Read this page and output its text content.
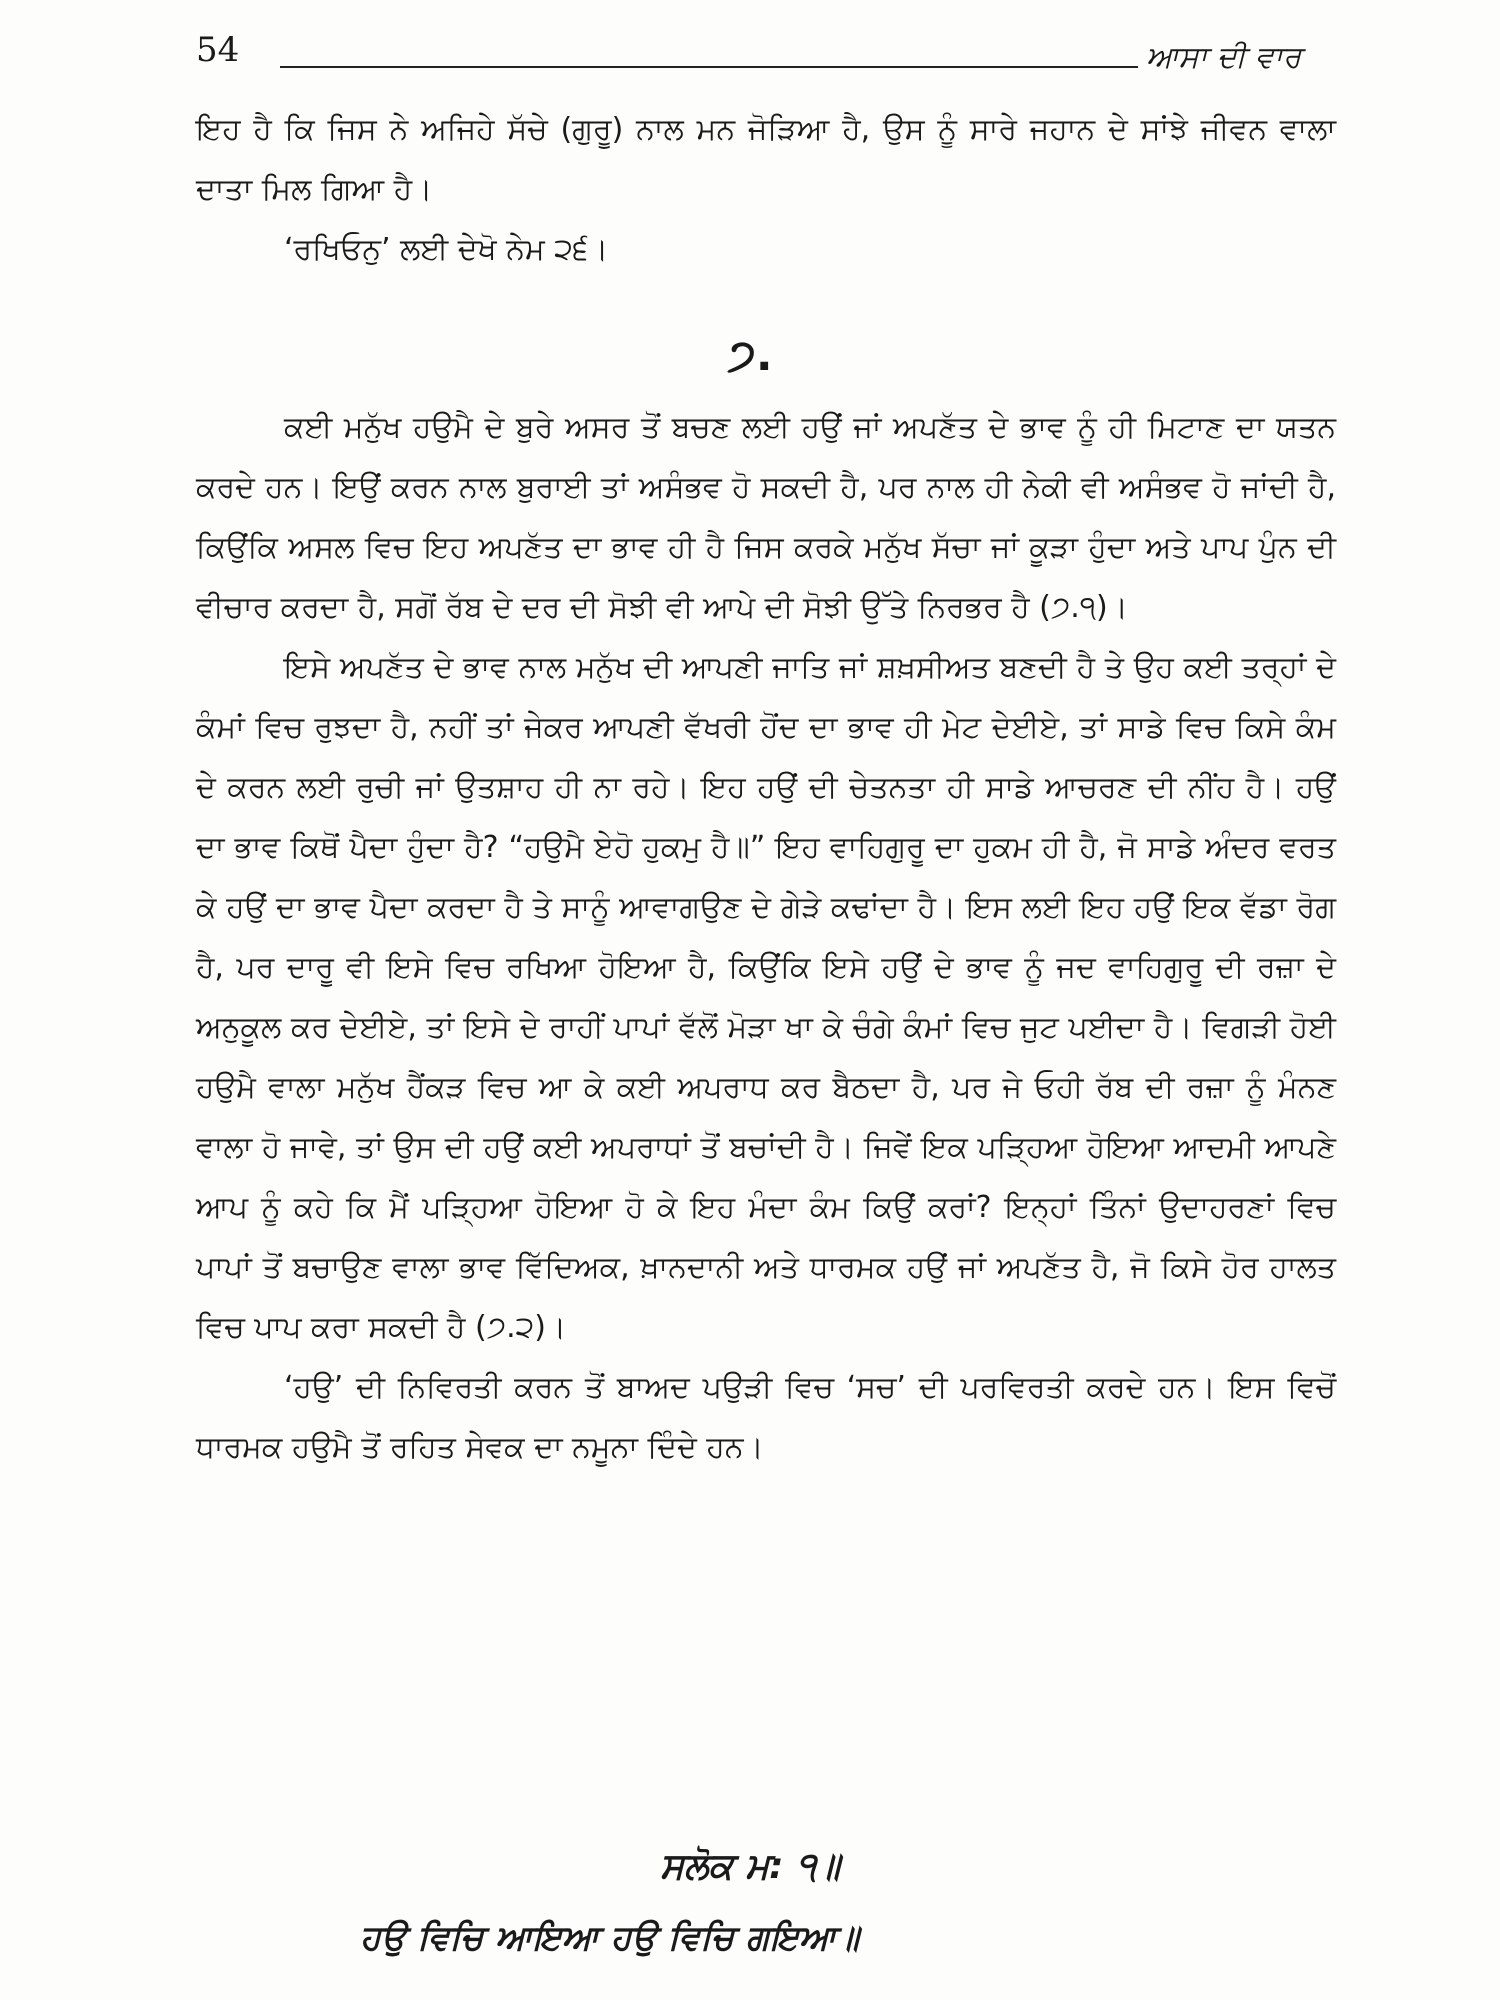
54	ਆਸਾ ਦੀ ਵਾਰ

ਇਹ ਹੈ ਕਿ ਜਿਸ ਨੇ ਅਜਿਹੇ ਸੱਚੇ (ਗੁਰੂ) ਨਾਲ ਮਨ ਜੋੜਿਆ ਹੈ, ਉਸ ਨੂੰ ਸਾਰੇ ਜਹਾਨ ਦੇ ਸਾਂਝੇ ਜੀਵਨ ਵਾਲਾ ਦਾਤਾ ਮਿਲ ਗਿਆ ਹੈ।

‘ਰਖਿਓਨੁ’ ਲਈ ਦੇਖੋ ਨੇਮ ੨੬।

੭.

ਕਈ ਮਨੁੱਖ ਹਉਮੈ ਦੇ ਬੁਰੇ ਅਸਰ ਤੋਂ ਬਚਣ ਲਈ ਹਉਂ ਜਾਂ ਅਪਣੱਤ ਦੇ ਭਾਵ ਨੂੰ ਹੀ ਮਿਟਾਣ ਦਾ ਯਤਨ ਕਰਦੇ ਹਨ। ਇਉਂ ਕਰਨ ਨਾਲ ਬੁਰਾਈ ਤਾਂ ਅਸੰਭਵ ਹੋ ਸਕਦੀ ਹੈ, ਪਰ ਨਾਲ ਹੀ ਨੇਕੀ ਵੀ ਅਸੰਭਵ ਹੋ ਜਾਂਦੀ ਹੈ, ਕਿਉਂਕਿ ਅਸਲ ਵਿਚ ਇਹ ਅਪਣੱਤ ਦਾ ਭਾਵ ਹੀ ਹੈ ਜਿਸ ਕਰਕੇ ਮਨੁੱਖ ਸੱਚਾ ਜਾਂ ਕੂੜਾ ਹੁੰਦਾ ਅਤੇ ਪਾਪ ਪੁੰਨ ਦੀ ਵੀਚਾਰ ਕਰਦਾ ਹੈ, ਸਗੋਂ ਰੱਬ ਦੇ ਦਰ ਦੀ ਸੋਝੀ ਵੀ ਆਪੇ ਦੀ ਸੋਝੀ ਉੱਤੇ ਨਿਰਭਰ ਹੈ (੭.੧)।

ਇਸੇ ਅਪਣੱਤ ਦੇ ਭਾਵ ਨਾਲ ਮਨੁੱਖ ਦੀ ਆਪਣੀ ਜਾਤਿ ਜਾਂ ਸ਼ਖ਼ਸੀਅਤ ਬਣਦੀ ਹੈ ਤੇ ਉਹ ਕਈ ਤਰ੍ਹਾਂ ਦੇ ਕੰਮਾਂ ਵਿਚ ਰੁਝਦਾ ਹੈ, ਨਹੀਂ ਤਾਂ ਜੇਕਰ ਆਪਣੀ ਵੱਖਰੀ ਹੋਂਦ ਦਾ ਭਾਵ ਹੀ ਮੇਟ ਦੇਈਏ, ਤਾਂ ਸਾਡੇ ਵਿਚ ਕਿਸੇ ਕੰਮ ਦੇ ਕਰਨ ਲਈ ਰੁਚੀ ਜਾਂ ਉਤਸ਼ਾਹ ਹੀ ਨਾ ਰਹੇ। ਇਹ ਹਉਂ ਦੀ ਚੇਤਨਤਾ ਹੀ ਸਾਡੇ ਆਚਰਣ ਦੀ ਨੀਂਹ ਹੈ। ਹਉਂ ਦਾ ਭਾਵ ਕਿਥੋਂ ਪੈਦਾ ਹੁੰਦਾ ਹੈ? “ਹਉਮੈ ਏਹੋ ਹੁਕਮੁ ਹੈ॥” ਇਹ ਵਾਹਿਗੁਰੂ ਦਾ ਹੁਕਮ ਹੀ ਹੈ, ਜੋ ਸਾਡੇ ਅੰਦਰ ਵਰਤ ਕੇ ਹਉਂ ਦਾ ਭਾਵ ਪੈਦਾ ਕਰਦਾ ਹੈ ਤੇ ਸਾਨੂੰ ਆਵਾਗਉਣ ਦੇ ਗੇੜੇ ਕਢਾਂਦਾ ਹੈ। ਇਸ ਲਈ ਇਹ ਹਉਂ ਇਕ ਵੱਡਾ ਰੋਗ ਹੈ, ਪਰ ਦਾਰੂ ਵੀ ਇਸੇ ਵਿਚ ਰਖਿਆ ਹੋਇਆ ਹੈ, ਕਿਉਂਕਿ ਇਸੇ ਹਉਂ ਦੇ ਭਾਵ ਨੂੰ ਜਦ ਵਾਹਿਗੁਰੂ ਦੀ ਰਜ਼ਾ ਦੇ ਅਨੁਕੂਲ ਕਰ ਦੇਈਏ, ਤਾਂ ਇਸੇ ਦੇ ਰਾਹੀਂ ਪਾਪਾਂ ਵੱਲੋਂ ਮੋੜਾ ਖਾ ਕੇ ਚੰਗੇ ਕੰਮਾਂ ਵਿਚ ਜੁਟ ਪਈਦਾ ਹੈ। ਵਿਗੜੀ ਹੋਈ ਹਉਮੈ ਵਾਲਾ ਮਨੁੱਖ ਹੈਂਕੜ ਵਿਚ ਆ ਕੇ ਕਈ ਅਪਰਾਧ ਕਰ ਬੈਠਦਾ ਹੈ, ਪਰ ਜੇ ਓਹੀ ਰੱਬ ਦੀ ਰਜ਼ਾ ਨੂੰ ਮੰਨਣ ਵਾਲਾ ਹੋ ਜਾਵੇ, ਤਾਂ ਉਸ ਦੀ ਹਉਂ ਕਈ ਅਪਰਾਧਾਂ ਤੋਂ ਬਚਾਂਦੀ ਹੈ। ਜਿਵੇਂ ਇਕ ਪੜ੍ਹਿਆ ਹੋਇਆ ਆਦਮੀ ਆਪਣੇ ਆਪ ਨੂੰ ਕਹੇ ਕਿ ਮੈਂ ਪੜ੍ਹਿਆ ਹੋਇਆ ਹੋ ਕੇ ਇਹ ਮੰਦਾ ਕੰਮ ਕਿਉਂ ਕਰਾਂ? ਇਨ੍ਹਾਂ ਤਿੰਨਾਂ ਉਦਾਹਰਣਾਂ ਵਿਚ ਪਾਪਾਂ ਤੋਂ ਬਚਾਉਣ ਵਾਲਾ ਭਾਵ ਵਿੱਦਿਅਕ, ਖ਼ਾਨਦਾਨੀ ਅਤੇ ਧਾਰਮਕ ਹਉਂ ਜਾਂ ਅਪਣੱਤ ਹੈ, ਜੋ ਕਿਸੇ ਹੋਰ ਹਾਲਤ ਵਿਚ ਪਾਪ ਕਰਾ ਸਕਦੀ ਹੈ (੭.੨)।

‘ਹਉ’ ਦੀ ਨਿਵਿਰਤੀ ਕਰਨ ਤੋਂ ਬਾਅਦ ਪਉੜੀ ਵਿਚ ‘ਸਚ’ ਦੀ ਪਰਵਿਰਤੀ ਕਰਦੇ ਹਨ। ਇਸ ਵਿਚੋਂ ਧਾਰਮਕ ਹਉਮੈ ਤੋਂ ਰਹਿਤ ਸੇਵਕ ਦਾ ਨਮੂਨਾ ਦਿੰਦੇ ਹਨ।

ਸਲੋਕ ਮ: ੧॥
ਹਉ ਵਿਚਿ ਆਇਆ ਹਉ ਵਿਚਿ ਗਇਆ॥
